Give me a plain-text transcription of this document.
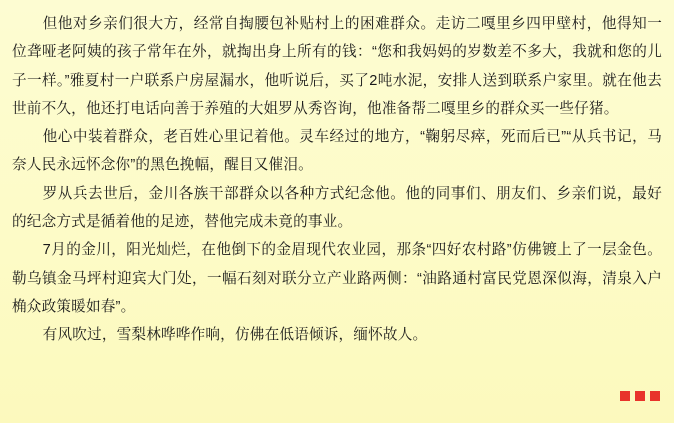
但他对乡亲们很大方，经常自掏腰包补贴村上的困难群众。走访二嘎里乡四甲壁村，他得知一位聋哑老阿姨的孩子常年在外，就掏出身上所有的钱：“您和我妈妈的岁数差不多大，我就和您的儿子一样。”雅夏村一户联系户房屋漏水，他听说后，买了2吨水泥，安排人送到联系户家里。就在他去世前不久，他还打电话向善于养殖的大姐罗从秀咨询，他准备帮二嘎里乡的群众买一些仔猪。

他心中装着群众，老百姓心里记着他。灵车经过的地方，“鞠躬尽瘁，死而后已”“从兵书记，马奈人民永远怀念你”的黑色挽幅，醒目又催泪。

罗从兵去世后，金川各族干部群众以各种方式纪念他。他的同事们、朋友们、乡亲们说，最好的纪念方式是循着他的足迹，替他完成未竟的事业。

7月的金川，阳光灿烂，在他倒下的金眉现代农业园，那条“四好农村路”仿佛镀上了一层金色。勒乌镇金马坪村迎宾大门处，一幅石刻对联分立产业路两侧：“油路通村富民党恩深似海，清泉入户桷众政策暖如春”。

有风吹过，雪梨林哗哗作响，仿佛在低语倾诉，缅怀故人。
